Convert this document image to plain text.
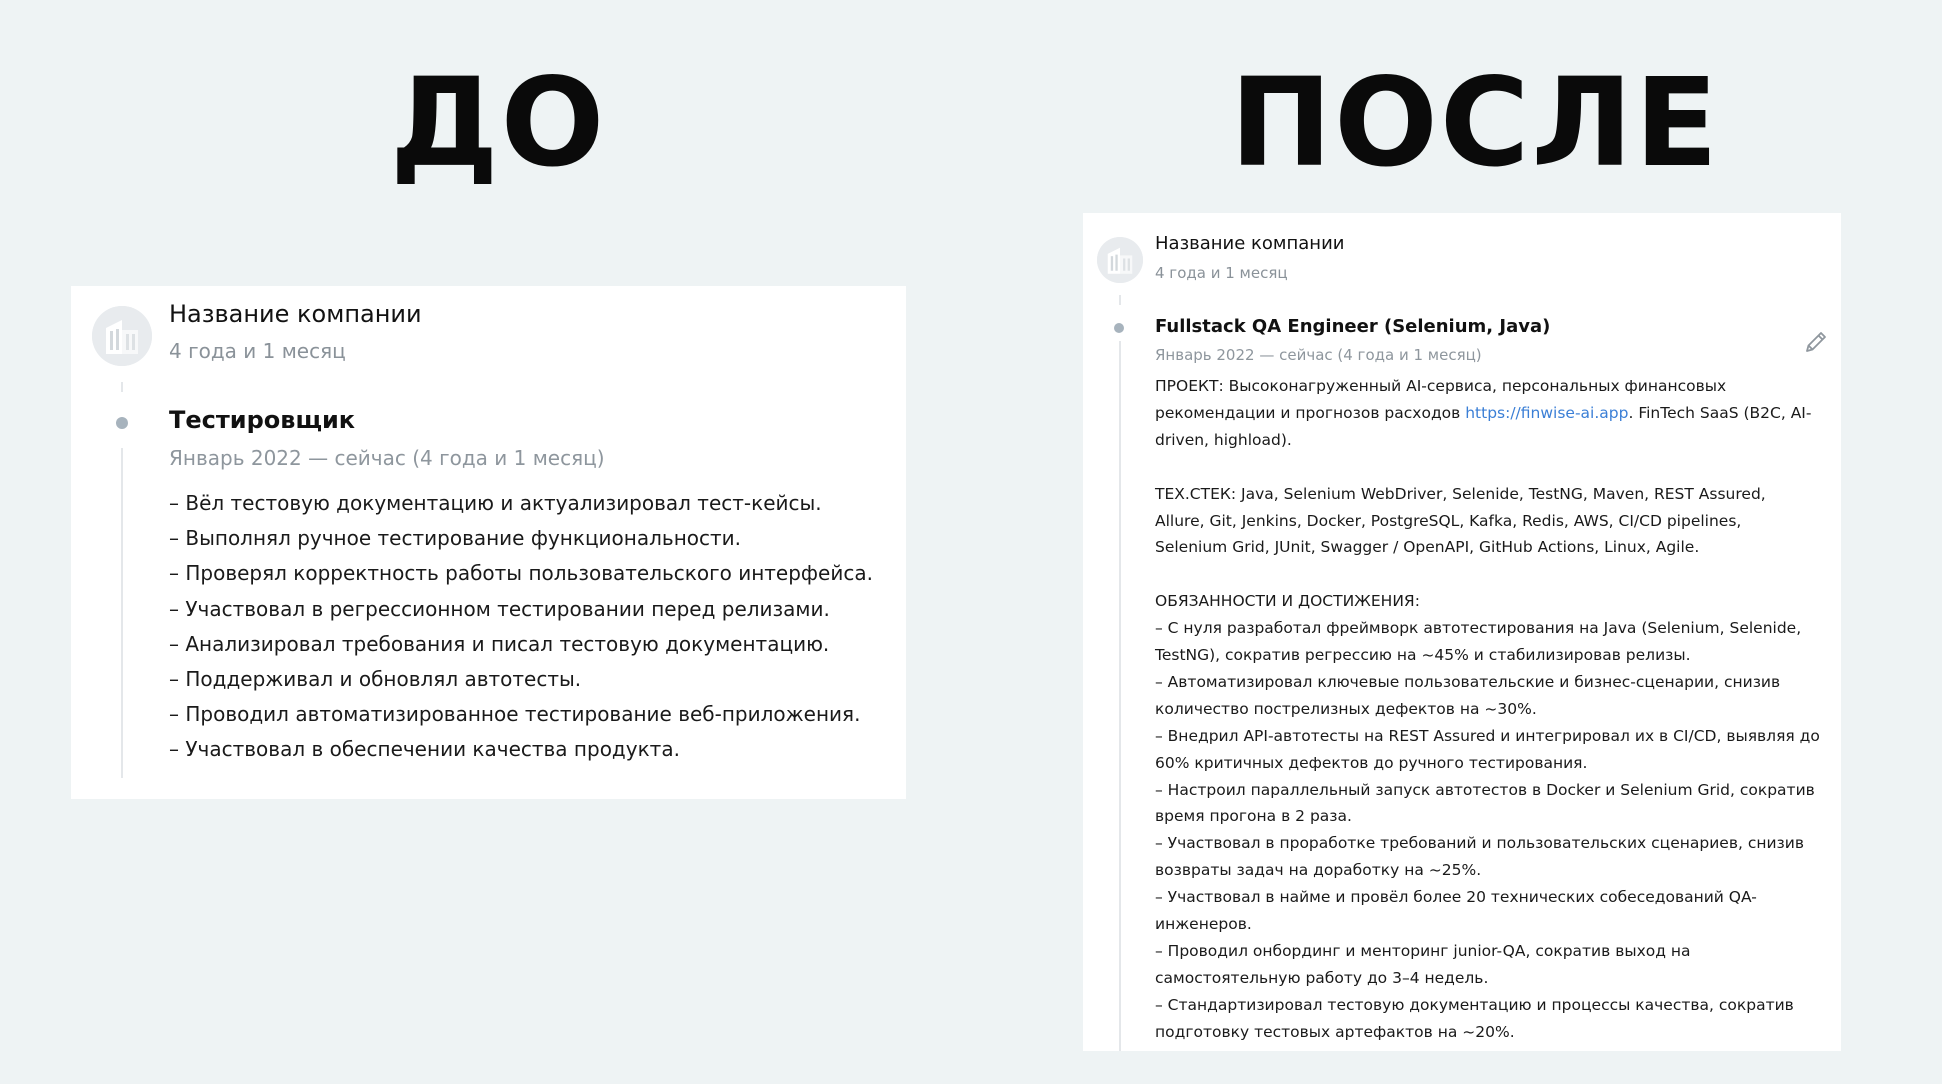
ДО	ПОСЛЕ

Название компании

4 года и 1 месяц

Тестировщик

Январь 2022 — сейчас (4 года и 1 месяц)

– Вёл тестовую документацию и актуализировал тест-кейсы.
– Выполнял ручное тестирование функциональности.
– Проверял корректность работы пользовательского интерфейса.
– Участвовал в регрессионном тестировании перед релизами.
– Анализировал требования и писал тестовую документацию.
– Поддерживал и обновлял автотесты.
– Проводил автоматизированное тестирование веб-приложения.
– Участвовал в обеспечении качества продукта.

Название компании

4 года и 1 месяц

Fullstack QA Engineer (Selenium, Java)

Январь 2022 — сейчас (4 года и 1 месяц)

ПРОЕКТ: Высоконагруженный AI-сервиса, персональных финансовых

рекомендации и прогнозов расходов https://finwise-ai.app. FinTech SaaS (B2C, AI-

driven, highload).

ТЕХ.СТЕК: Java, Selenium WebDriver, Selenide, TestNG, Maven, REST Assured,

Allure, Git, Jenkins, Docker, PostgreSQL, Kafka, Redis, AWS, CI/CD pipelines,

Selenium Grid, JUnit, Swagger / OpenAPI, GitHub Actions, Linux, Agile.

ОБЯЗАННОСТИ И ДОСТИЖЕНИЯ:

– С нуля разработал фреймворк автотестирования на Java (Selenium, Selenide,

TestNG), сократив регрессию на ~45% и стабилизировав релизы.

– Автоматизировал ключевые пользовательские и бизнес-сценарии, снизив

количество пострелизных дефектов на ~30%.

– Внедрил API-автотесты на REST Assured и интегрировал их в CI/CD, выявляя до

60% критичных дефектов до ручного тестирования.

– Настроил параллельный запуск автотестов в Docker и Selenium Grid, сократив

время прогона в 2 раза.

– Участвовал в проработке требований и пользовательских сценариев, снизив

возвраты задач на доработку на ~25%.

– Участвовал в найме и провёл более 20 технических собеседований QA-

инженеров.

– Проводил онбординг и менторинг junior-QA, сократив выход на

самостоятельную работу до 3–4 недель.

– Стандартизировал тестовую документацию и процессы качества, сократив

подготовку тестовых артефактов на ~20%.
